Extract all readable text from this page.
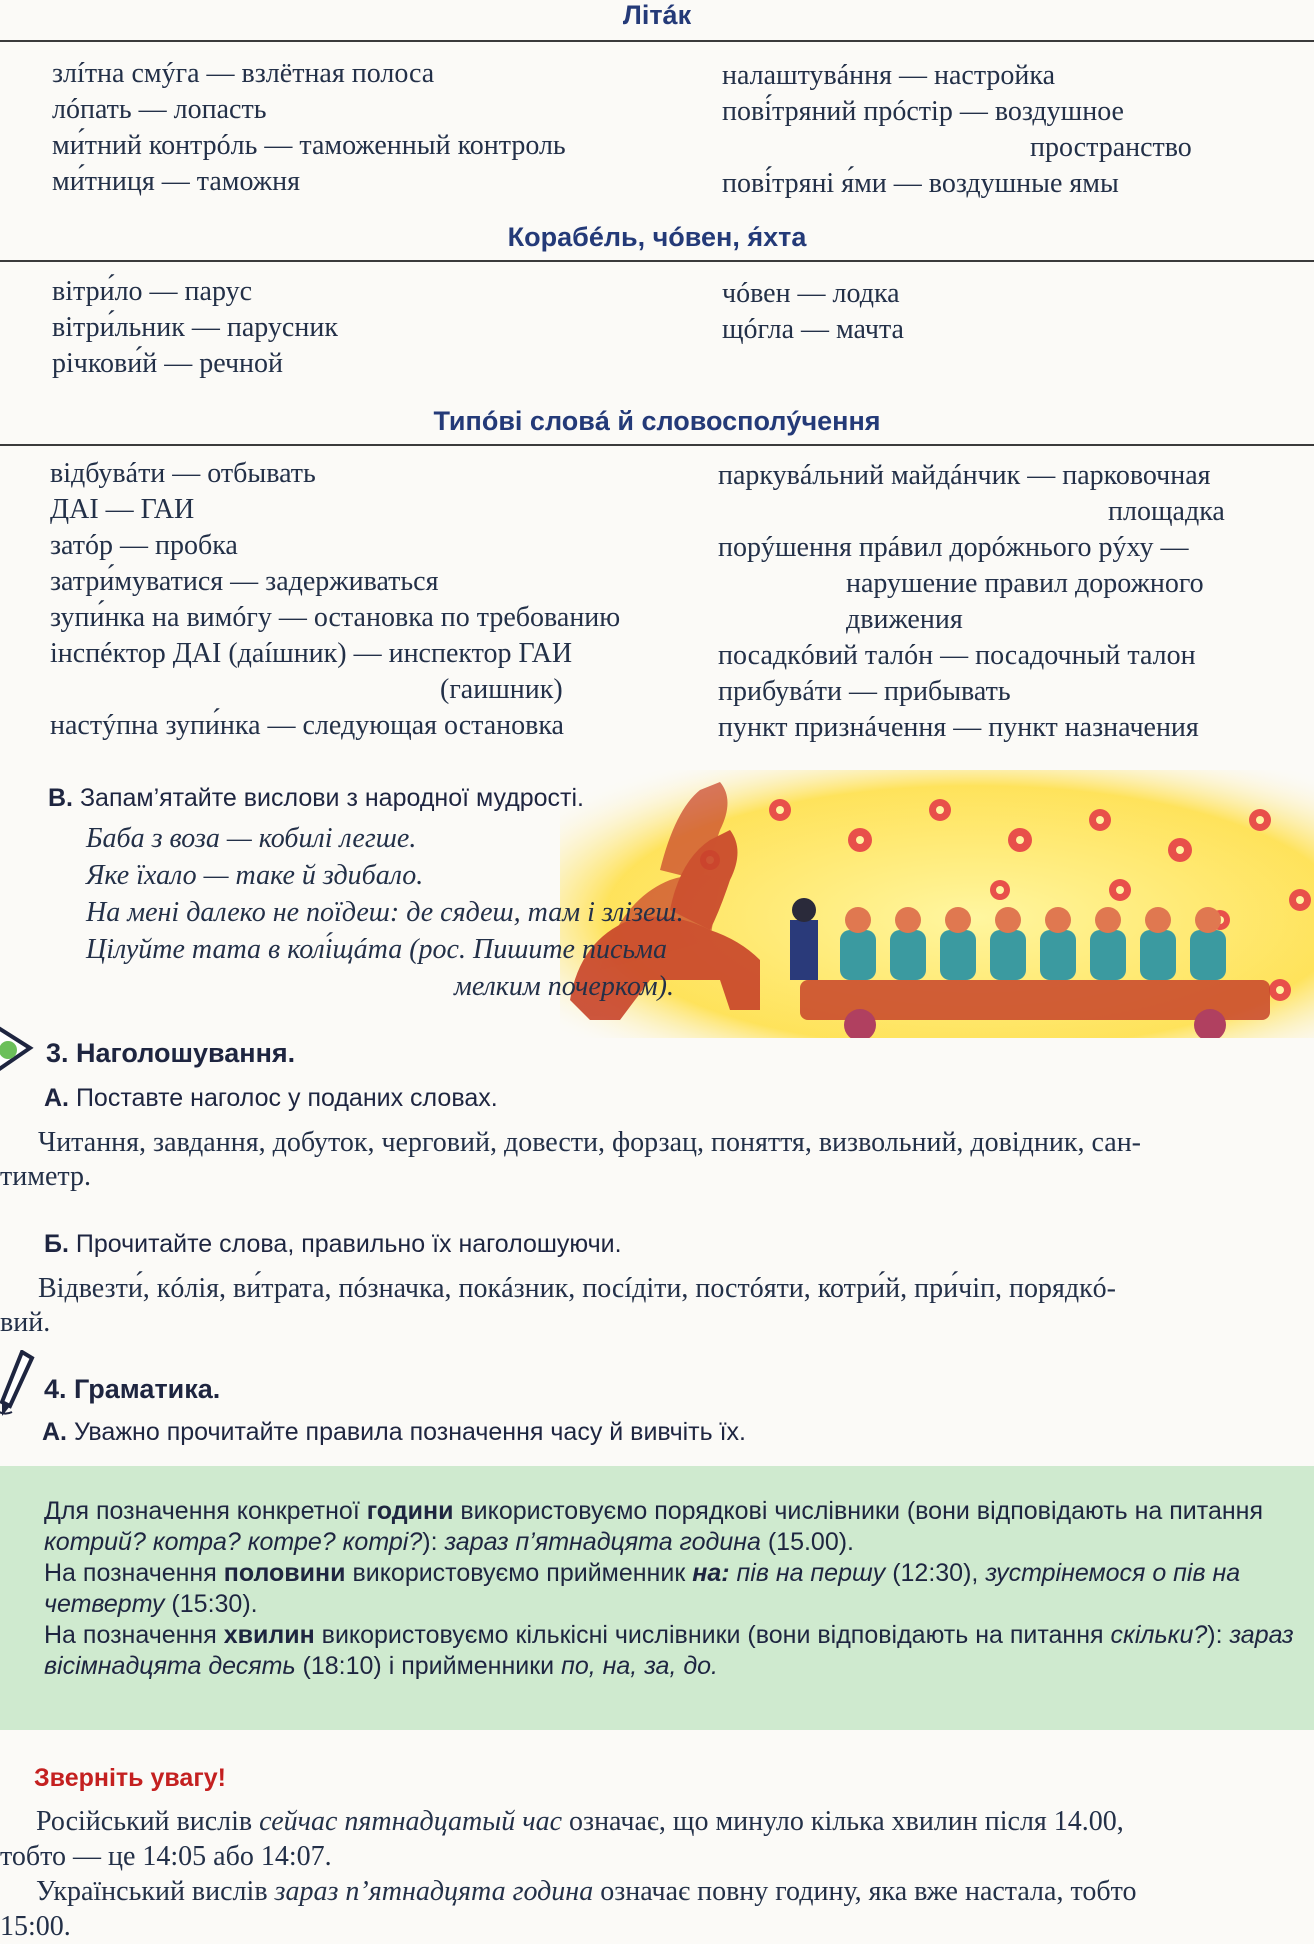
Літáк
злíтна смýга — взлётная полоса
лóпать — лопасть
ми́тний контрóль — таможенный контроль
ми́тниця — таможня
налаштувáння — настройка
пові́тряний прóстір — воздушное
пространство
пові́тряні я́ми — воздушные ямы
Корабéль, чóвен, я́хта
вітри́ло — парус
вітри́льник — парусник
річкови́й — речной
чóвен — лодка
щóгла — мачта
Типóві словá й словосполýчення
відбувáти — отбывать
ДАІ — ГАИ
затóр — пробка
затри́муватися — задерживаться
зупи́нка на вимóгу — остановка по требованию
інспéктор ДАІ (даíшник) — инспектор ГАИ
(гаишник)
настýпна зупи́нка — следующая остановка
паркувáльний майдáнчик — парковочная
площадка
порýшення прáвил дорóжнього рýху —
нарушение правил дорожного
движения
посадкóвий талóн — посадочный талон
прибувáти — прибывать
пункт признáчення — пункт назначения
В. Запам’ятайте вислови з народної мудрості.
Баба з воза — кобилі легше.
Яке їхало — таке й здибало.
На мені далеко не поїдеш: де сядеш, там і злізеш.
Цілуйте тата в колі́щáта (рос. Пишите письма
мелким почерком).
3. Наголошування.
А. Поставте наголос у поданих словах.
Читання, завдання, добуток, черговий, довести, форзац, поняття, визвольний, довідник, сан-
тиметр.
Б. Прочитайте слова, правильно їх наголошуючи.
Відвезти́, кóлія, ви́трата, пóзначка, покáзник, посíдіти, постóяти, котри́й, при́чіп, порядкó-
вий.
4. Граматика.
А. Уважно прочитайте правила позначення часу й вивчіть їх.
Для позначення конкретної години використовуємо порядкові числівники (вони відповідають на питання котрий? котра? котре? котрі?): зараз п’ятнадцята година (15.00).
На позначення половини використовуємо прийменник на: пів на першу (12:30), зустрінемося о пів на четверту (15:30).
На позначення хвилин використовуємо кількісні числівники (вони відповідають на питання скільки?): зараз вісімнадцята десять (18:10) і прийменники по, на, за, до.
Зверніть увагу!
Російський вислів сейчас пятнадцатый час означає, що минуло кілька хвилин після 14.00,
тобто — це 14:05 або 14:07.
Український вислів зараз п’ятнадцята година означає повну годину, яка вже настала, тобто
15:00.
